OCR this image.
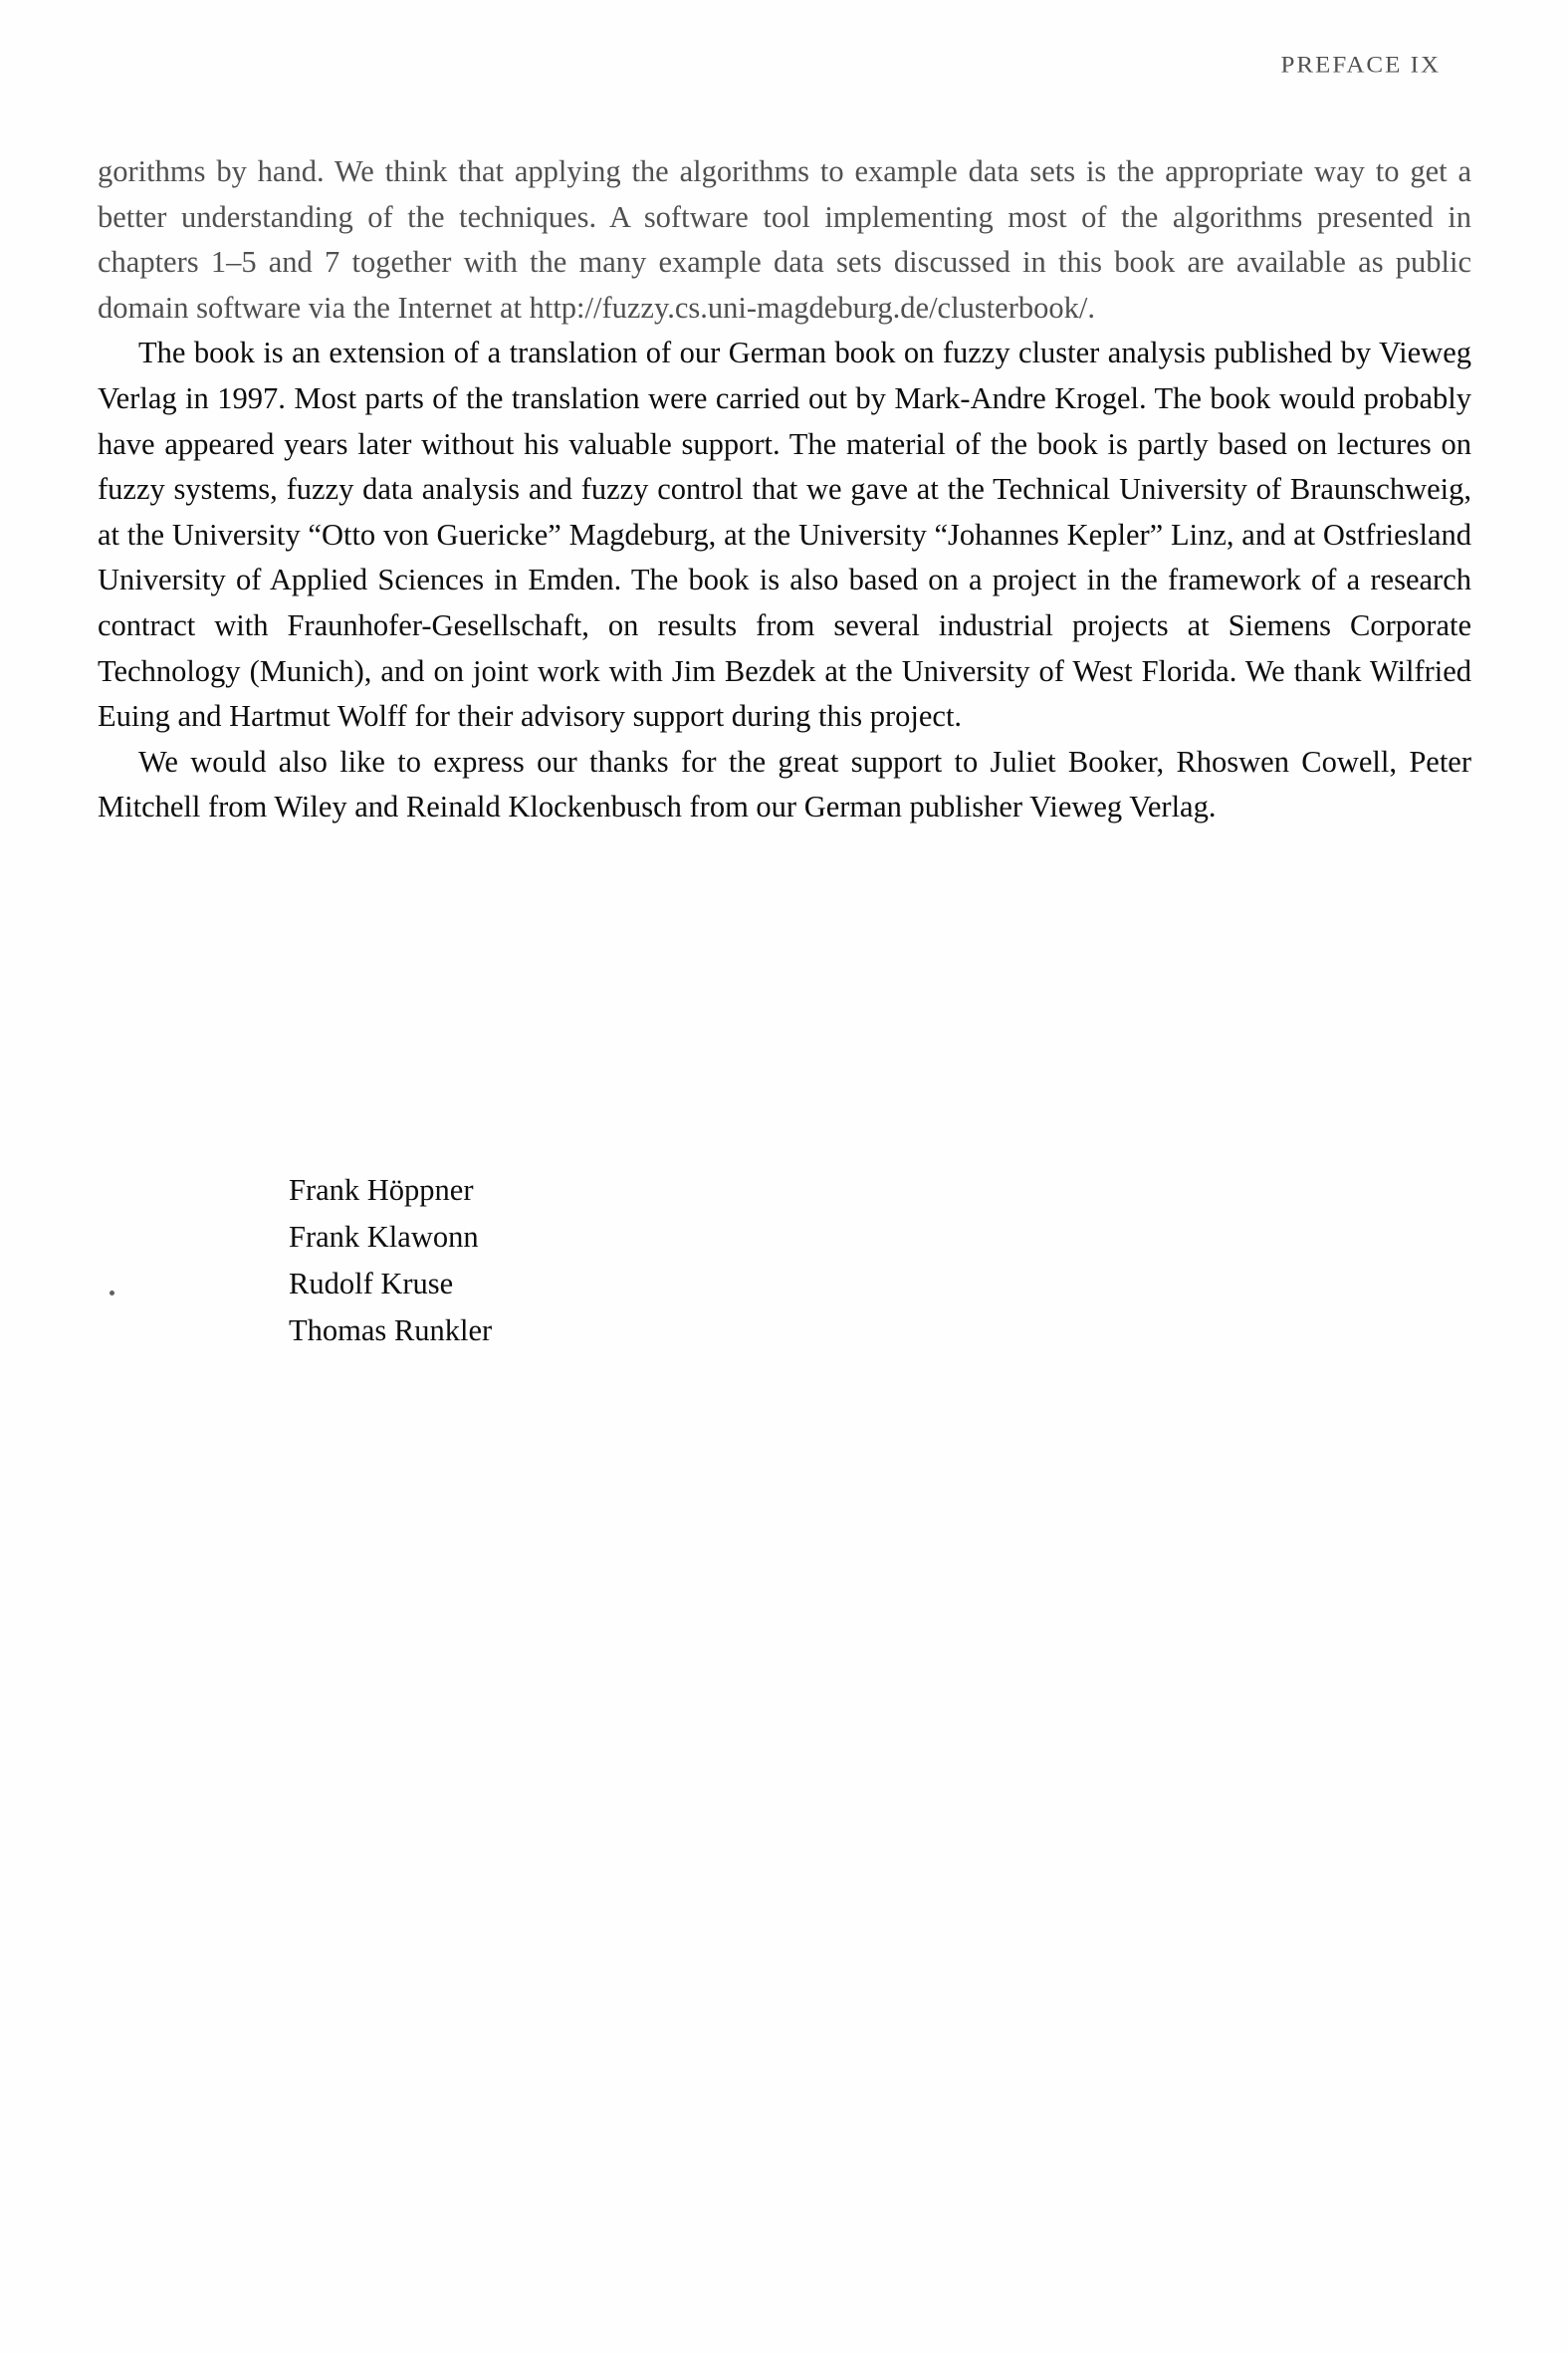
PREFACE IX

gorithms by hand. We think that applying the algorithms to example data sets is the appropriate way to get a better understanding of the techniques. A software tool implementing most of the algorithms presented in chapters 1–5 and 7 together with the many example data sets discussed in this book are available as public domain software via the Internet at http://fuzzy.cs.uni-magdeburg.de/clusterbook/.

The book is an extension of a translation of our German book on fuzzy cluster analysis published by Vieweg Verlag in 1997. Most parts of the translation were carried out by Mark-Andre Krogel. The book would probably have appeared years later without his valuable support. The material of the book is partly based on lectures on fuzzy systems, fuzzy data analysis and fuzzy control that we gave at the Technical University of Braunschweig, at the University “Otto von Guericke” Magdeburg, at the University “Johannes Kepler” Linz, and at Ostfriesland University of Applied Sciences in Emden. The book is also based on a project in the framework of a research contract with Fraunhofer-Gesellschaft, on results from several industrial projects at Siemens Corporate Technology (Munich), and on joint work with Jim Bezdek at the University of West Florida. We thank Wilfried Euing and Hartmut Wolff for their advisory support during this project.

We would also like to express our thanks for the great support to Juliet Booker, Rhoswen Cowell, Peter Mitchell from Wiley and Reinald Klockenbusch from our German publisher Vieweg Verlag.

Frank Höppner
Frank Klawonn
Rudolf Kruse
Thomas Runkler
